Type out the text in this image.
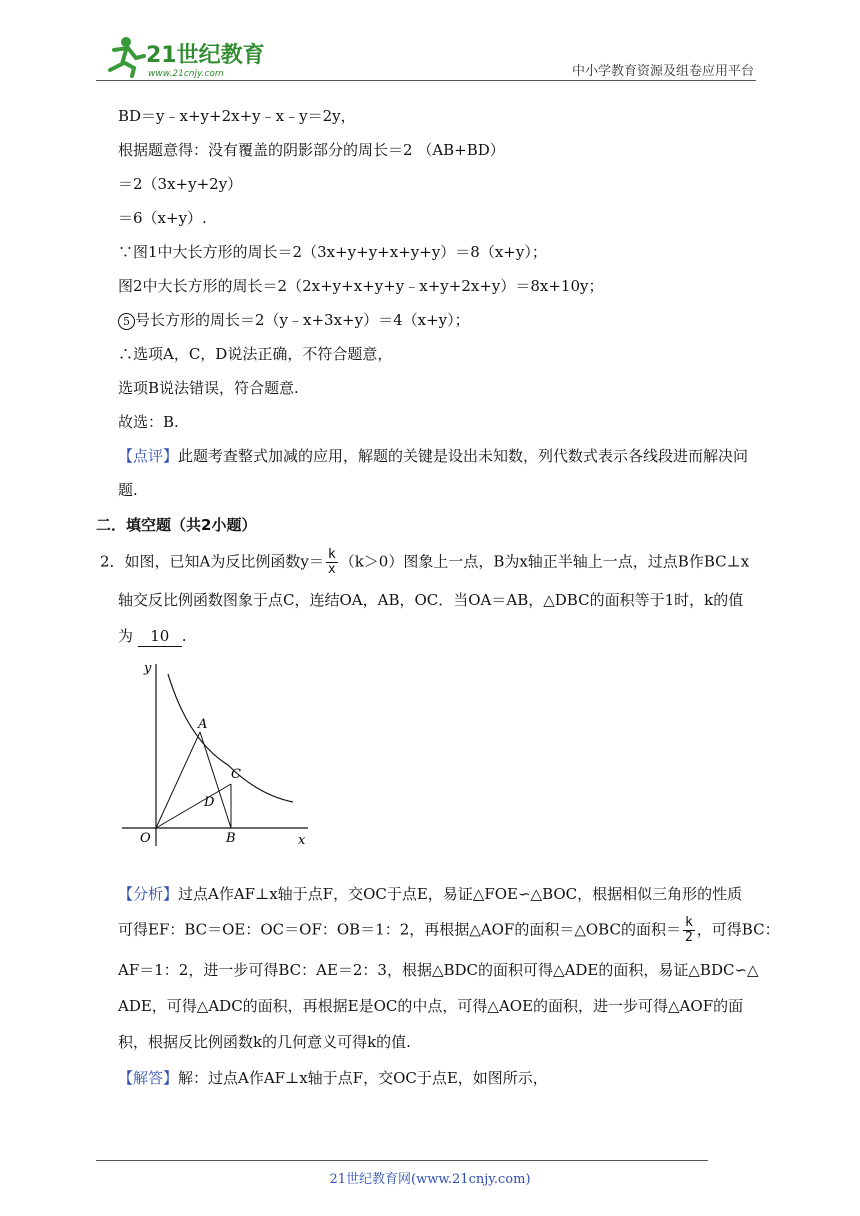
21世纪教育
www.21cnjy.com	中小学教育资源及组卷应用平台
BD＝y﹣x+y+2x+y﹣x﹣y＝2y，
根据题意得：没有覆盖的阴影部分的周长＝2 （AB+BD）
＝2（3x+y+2y）
＝6（x+y）.
∵图1中大长方形的周长＝2（3x+y+y+x+y+y）＝8（x+y）；
图2中大长方形的周长＝2（2x+y+x+y+y﹣x+y+2x+y）＝8x+10y；
5 号长方形的周长＝2（y﹣x+3x+y）＝4（x+y）；
∴选项A，C，D说法正确，不符合题意，
选项B说法错误，符合题意.
故选：B.
【点评】此题考查整式加减的应用，解题的关键是设出未知数，列代数式表示各线段进而解决问
题.
二．填空题（共2小题）
2．如图，已知A为反比例函数$y= \frac{k}{x} (k>0)$图象上一点，B为x轴正半轴上一点，过点B作BC⊥x
轴交反比例函数图象于点C，连结OA，AB，OC．当OA＝AB，△DBC的面积等于1时，k的值
为 10 .
y
x
O
A
B
C
D
【分析】过点A作AF⊥x轴于点F，交OC于点E，易证△FOE∽△BOC，根据相似三角形的性质
可得EF：BC＝OE：OC＝OF：OB＝1：2，再根据△AOF的面积＝△OBC的面积＝ $\frac{k}{2}$ ，可得BC：
AF＝1：2，进一步可得BC：AE＝2：3，根据△BDC的面积可得△ADE的面积，易证△BDC∽△
ADE，可得△ADC的面积，再根据E是OC的中点，可得△AOE的面积，进一步可得△AOF的面
积，根据反比例函数k的几何意义可得k的值.
【解答】解：过点A作AF⊥x轴于点F，交OC于点E，如图所示，
21世纪教育网(www.21cnjy.com)
